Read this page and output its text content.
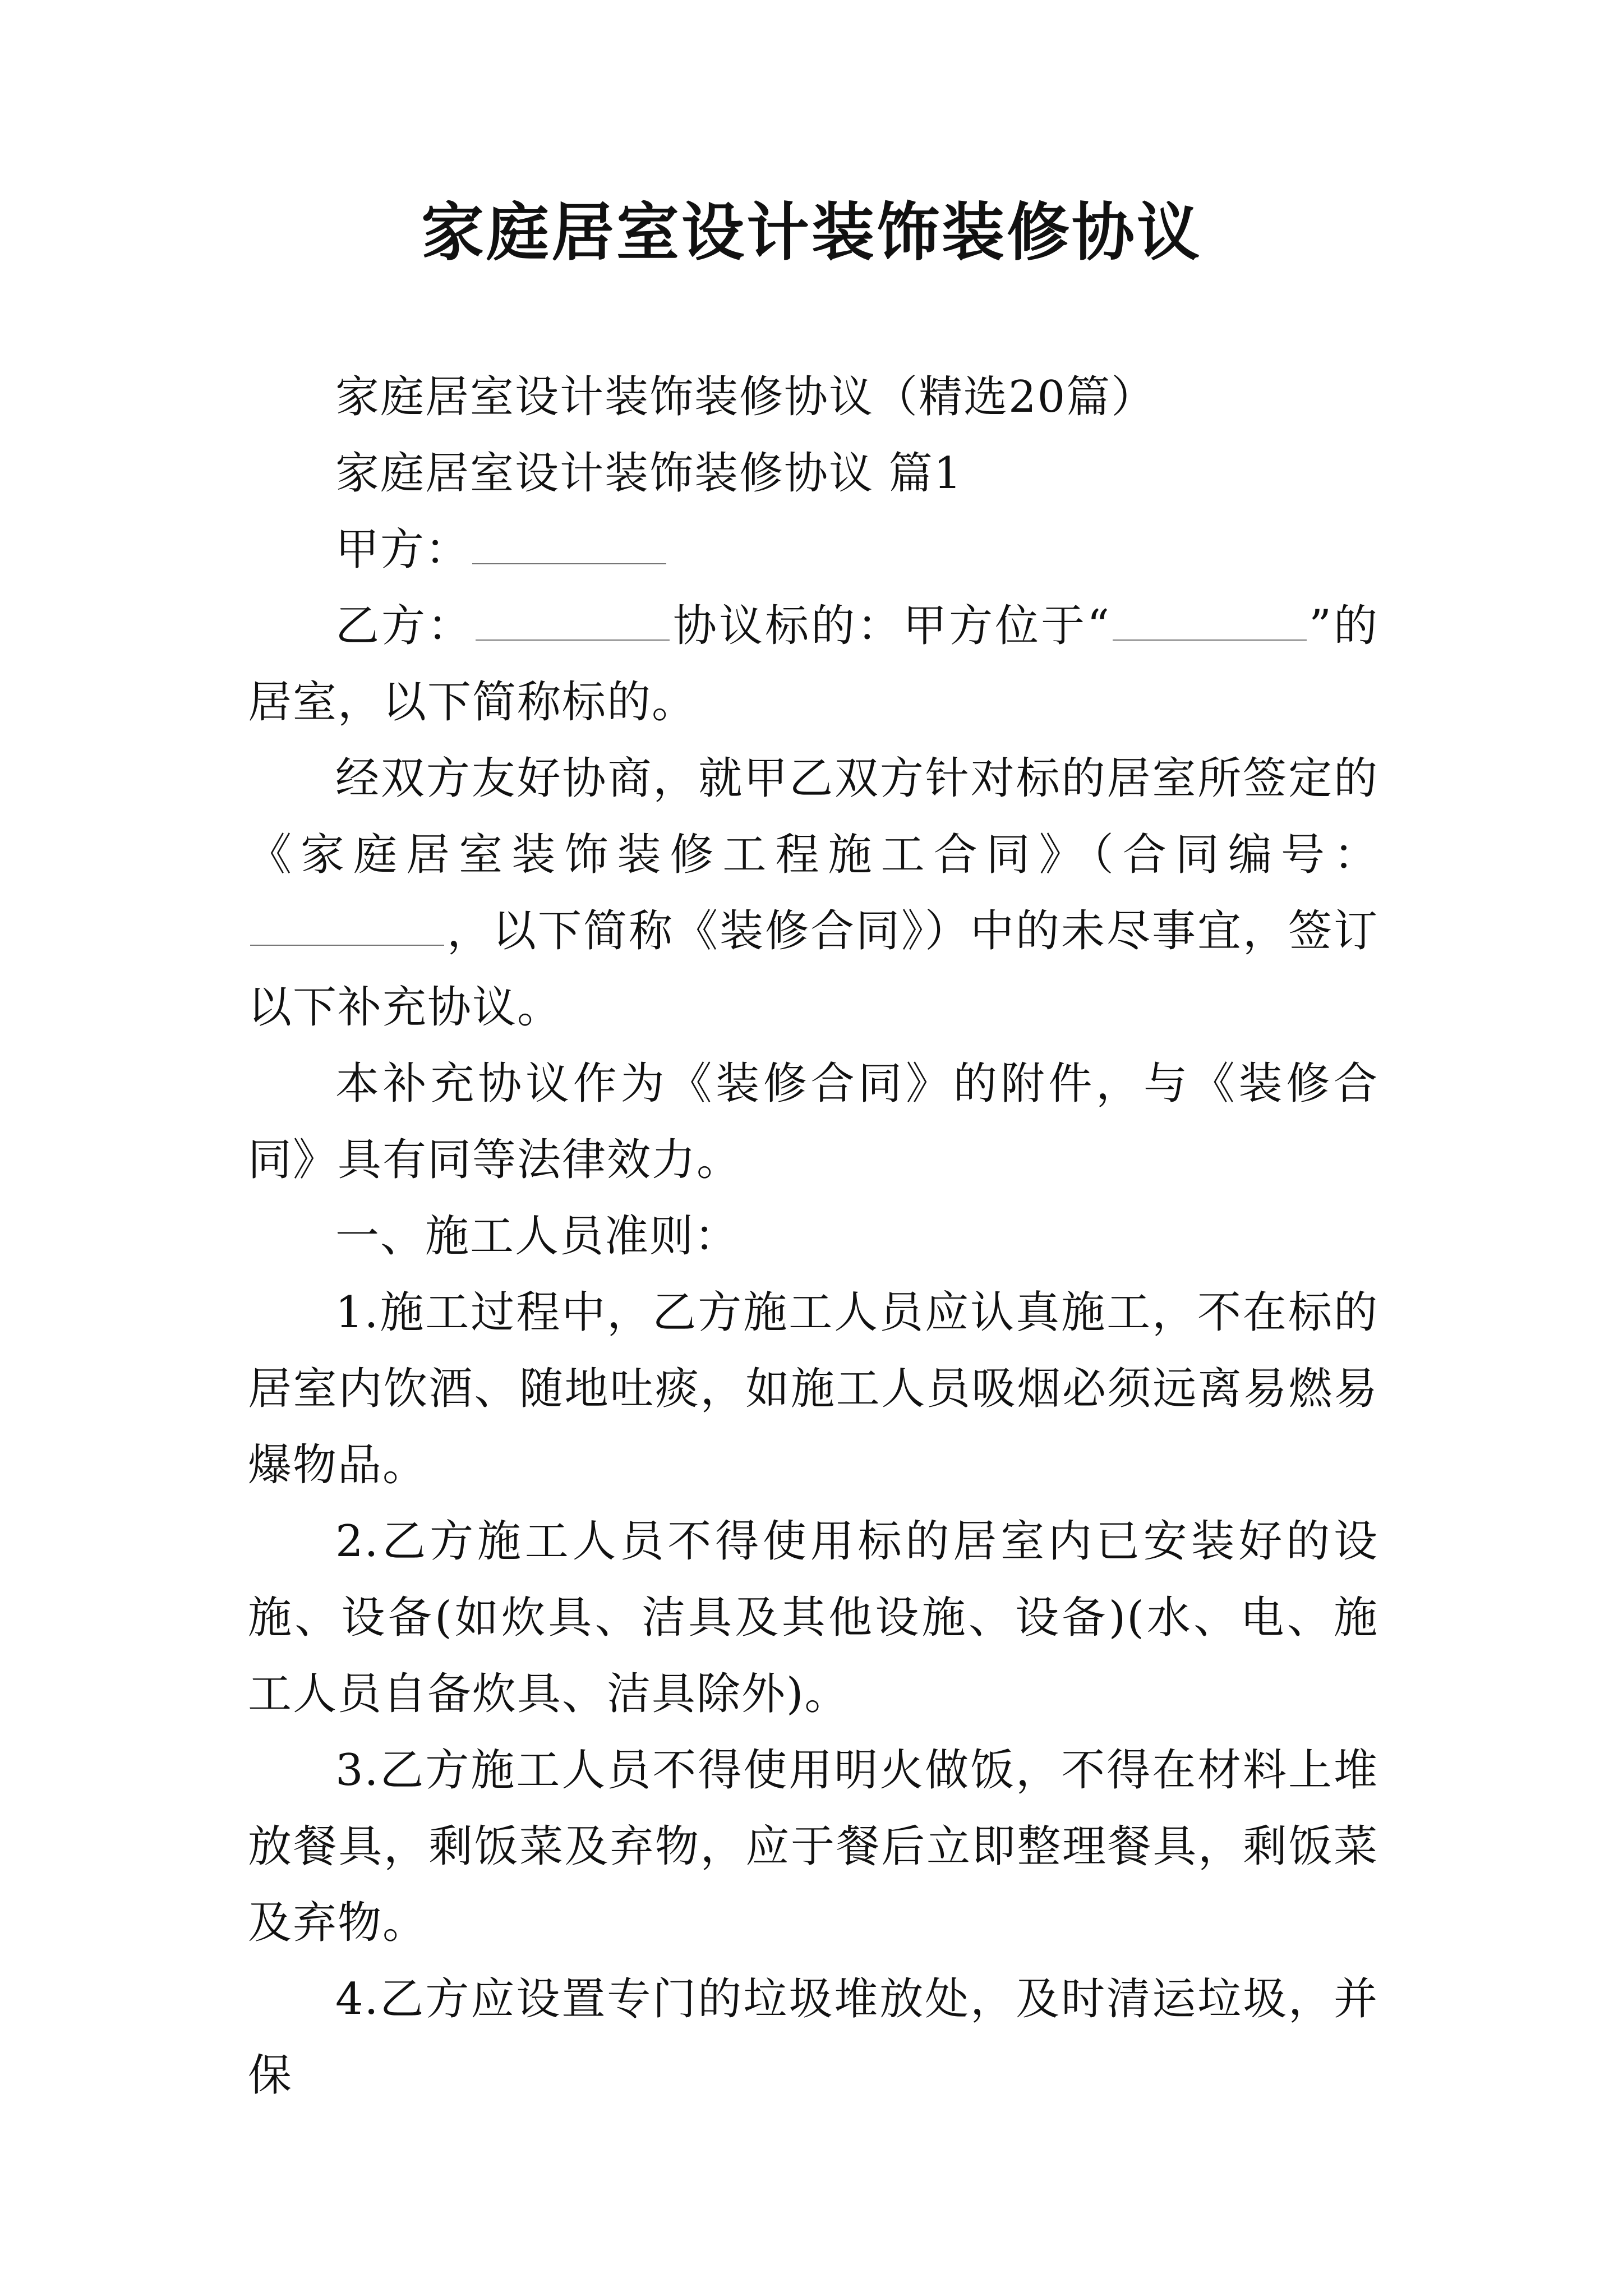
家庭居室设计装饰装修协议

家庭居室设计装饰装修协议（精选20篇）

家庭居室设计装饰装修协议 篇1

甲方：

乙方：	协议标的：甲方位于“	”的居室，以下简称标的。

经双方友好协商，就甲乙双方针对标的居室所签定的《家庭居室装饰装修工程施工合同》（合同编号：，以下简称《装修合同》）中的未尽事宜，签订以下补充协议。

本补充协议作为《装修合同》的附件，与《装修合同》具有同等法律效力。

一、施工人员准则：

1.施工过程中，乙方施工人员应认真施工，不在标的居室内饮酒、随地吐痰，如施工人员吸烟必须远离易燃易爆物品。

2.乙方施工人员不得使用标的居室内已安装好的设施、设备(如炊具、洁具及其他设施、设备)(水、电、施工人员自备炊具、洁具除外)。

3.乙方施工人员不得使用明火做饭，不得在材料上堆放餐具，剩饭菜及弃物，应于餐后立即整理餐具，剩饭菜及弃物。

4.乙方应设置专门的垃圾堆放处，及时清运垃圾，并保
